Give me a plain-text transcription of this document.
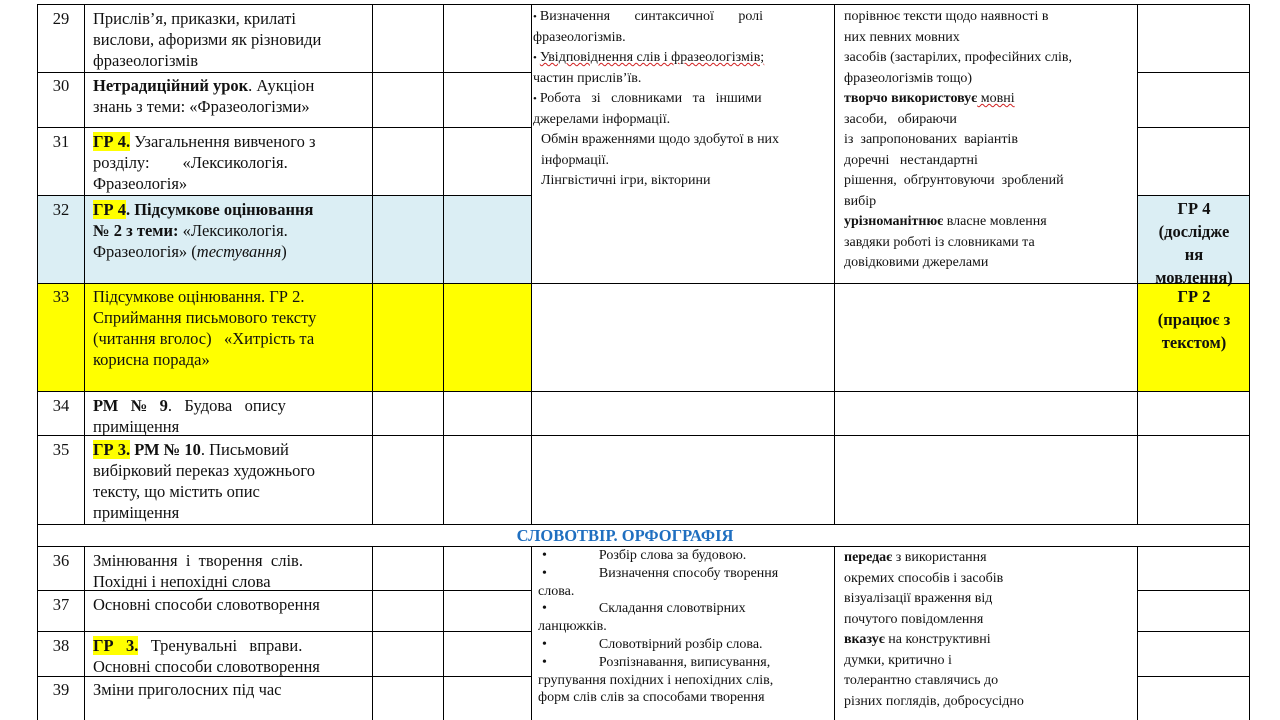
29
30
31
32
33
34
35
36
37
38
39
Прислів’я, приказки, крилаті
вислови, афоризми як різновиди
фразеологізмів
Нетрадиційний урок. Аукціон
знань з теми: «Фразеологізми»
ГР 4. Узагальнення вивченого з
розділу:        «Лексикологія.
Фразеологія»
ГР 4. Підсумкове оцінювання
№ 2 з теми: «Лексикологія.
Фразеологія» (тестування)
Підсумкове оцінювання. ГР 2.
Сприймання письмового тексту
(читання вголос)   «Хитрість та
корисна порада»
РМ   №   9.   Будова   опису
приміщення
ГР 3. РМ № 10. Письмовий
вибірковий переказ художнього
тексту, що містить опис
приміщення
СЛОВОТВІР. ОРФОГРАФІЯ
Змінювання  і  творення  слів.
Похідні і непохідні слова
Основні способи словотворення
ГР   3.   Тренувальні   вправи.
Основні способи словотворення
Зміни приголосних під час
• Визначення       синтаксичної       ролі
фразеологізмів.
• Увідповіднення слів і фразеологізмів;
частин прислів’їв.
• Робота   зі   словниками   та   іншими
джерелами інформації.
Обмін враженнями щодо здобутої в них
інформації.
Лінгвістичні ігри, вікторини
порівнює тексти щодо наявності в
них певних мовних
засобів (застарілих, професійних слів,
фразеологізмів тощо)
творчо використовує мовні
засоби,   обираючи
із  запропонованих  варіантів
доречні   нестандартні
рішення,  обґрунтовуючи  зроблений
вибір
урізноманітнює власне мовлення
завдяки роботі із словниками та
довідковими джерелами
ГР 4
(дослідже
ня
мовлення)
ГР 2
(працює з
текстом)
• Розбір слова за будовою.
• Визначення способу творення
слова.
• Складання словотвірних
ланцюжків.
• Словотвірний розбір слова.
• Розпізнавання, виписування,
групування похідних і непохідних слів,
форм слів слів за способами творення
передає з використання
окремих способів і засобів
візуалізації враження від
почутого повідомлення
вказує на конструктивні
думки, критично і
толерантно ставлячись до
різних поглядів, добросусідно
